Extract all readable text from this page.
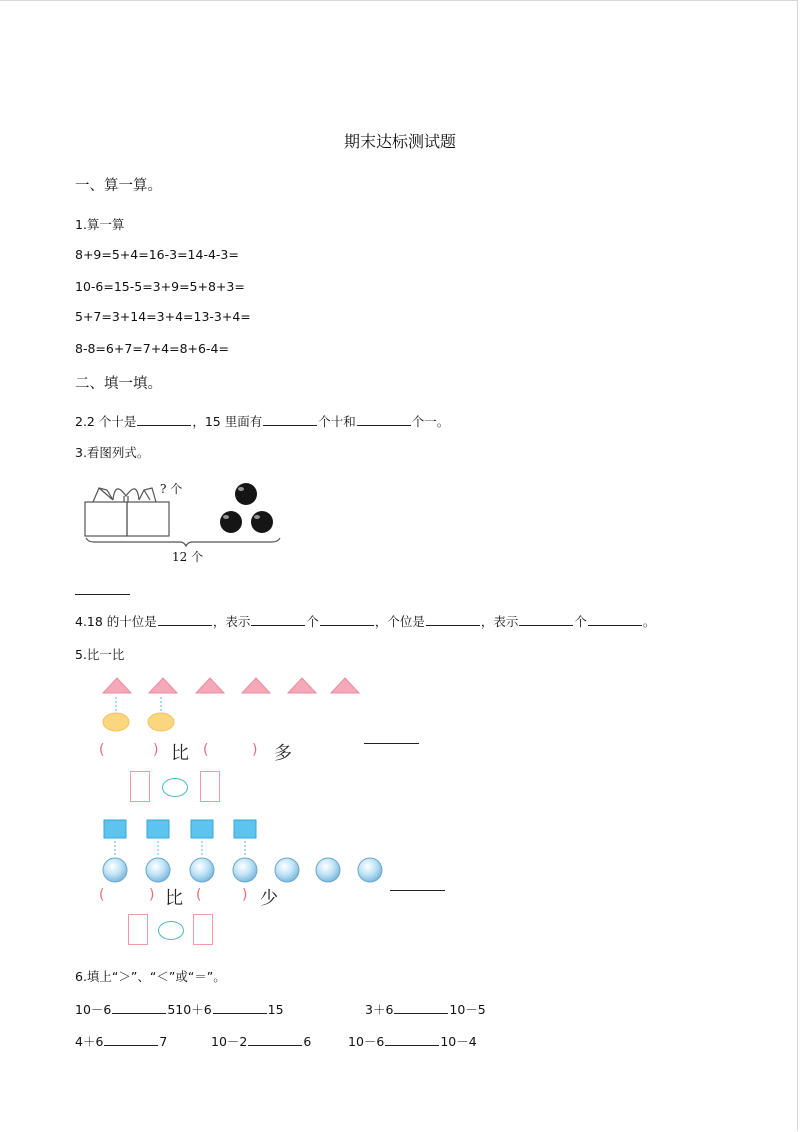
期末达标测试题
一、算一算。
1.算一算
8+9=5+4=16-3=14-4-3=
10-6=15-5=3+9=5+8+3=
5+7=3+14=3+4=13-3+4=
8-8=6+7=7+4=8+6-4=
二、填一填。
2.2 个十是	，15 里面有	个十和	个一。
3.看图列式。
? 个
12 个
4.18 的十位是	，表示	个	，个位是	，表示	个	。
5.比一比
(	) 比 (	) 多
(	) 比 (	) 少
6.填上“＞”、“＜”或“＝”。
10－6	510＋6	15	3＋6	10－5
4＋6	7	10－2	6	10－6	10－4
